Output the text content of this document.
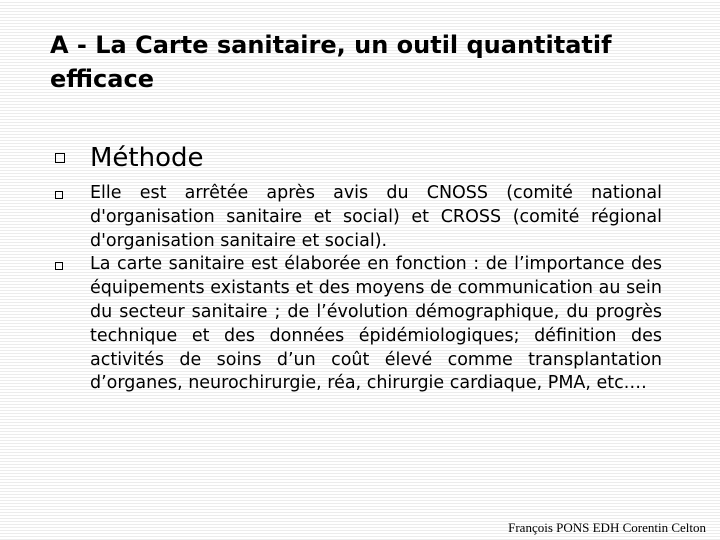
A - La Carte sanitaire, un outil quantitatif efficace
Méthode
Elle est arrêtée après avis du CNOSS (comité national d'organisation sanitaire et social) et CROSS (comité régional d'organisation sanitaire et social).
La carte sanitaire est élaborée en fonction : de l’importance des équipements existants et des moyens de communication au sein du secteur sanitaire ; de l’évolution démographique, du progrès technique et des données épidémiologiques; définition des activités de soins d’un coût élevé comme transplantation d’organes, neurochirurgie, réa, chirurgie cardiaque, PMA, etc.…
François PONS EDH Corentin Celton
